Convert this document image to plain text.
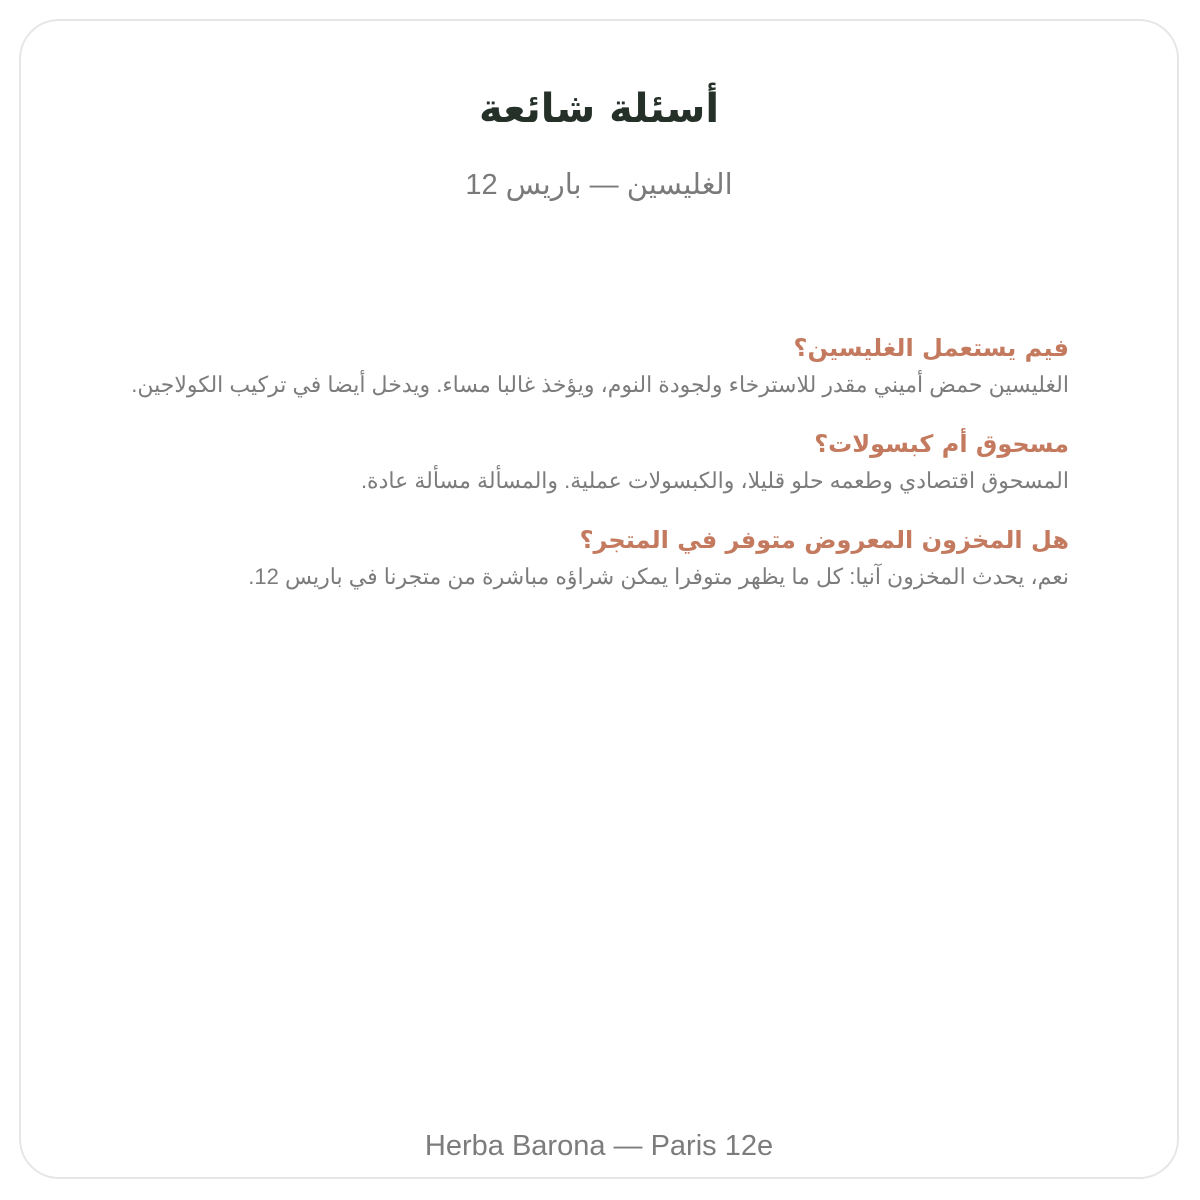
أسئلة شائعة

الغليسين — باريس 12

فيم يستعمل الغليسين؟

الغليسين حمض أميني مقدر للاسترخاء ولجودة النوم، ويؤخذ غالبا مساء. ويدخل أيضا في تركيب الكولاجين.

مسحوق أم كبسولات؟

المسحوق اقتصادي وطعمه حلو قليلا، والكبسولات عملية. والمسألة مسألة عادة.

هل المخزون المعروض متوفر في المتجر؟

نعم، يحدث المخزون آنيا: كل ما يظهر متوفرا يمكن شراؤه مباشرة من متجرنا في باريس 12.

Herba Barona — Paris 12e
